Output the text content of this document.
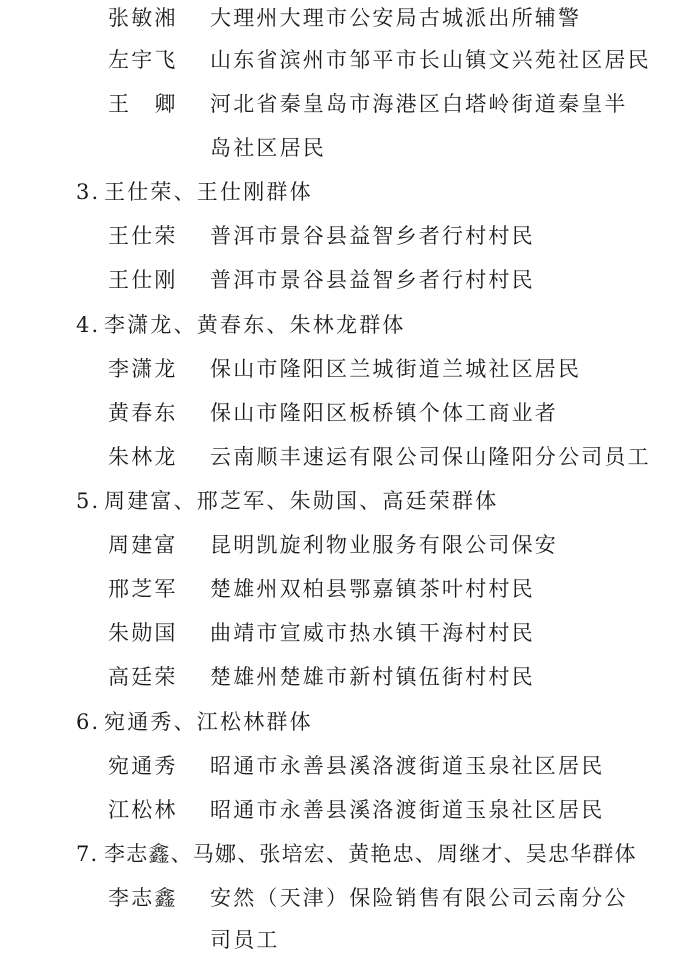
张敏湘 大理州大理市公安局古城派出所辅警
左宇飞 山东省滨州市邹平市长山镇文兴苑社区居民
王　卿 河北省秦皇岛市海港区白塔岭街道秦皇半
岛社区居民
3. 王仕荣、王仕刚群体
王仕荣 普洱市景谷县益智乡者行村村民
王仕刚 普洱市景谷县益智乡者行村村民
4. 李潇龙、黄春东、朱林龙群体
李潇龙 保山市隆阳区兰城街道兰城社区居民
黄春东 保山市隆阳区板桥镇个体工商业者
朱林龙 云南顺丰速运有限公司保山隆阳分公司员工
5. 周建富、邢芝军、朱勋国、高廷荣群体
周建富 昆明凯旋利物业服务有限公司保安
邢芝军 楚雄州双柏县鄂嘉镇茶叶村村民
朱勋国 曲靖市宣威市热水镇干海村村民
高廷荣 楚雄州楚雄市新村镇伍街村村民
6. 宛通秀、江松林群体
宛通秀 昭通市永善县溪洛渡街道玉泉社区居民
江松林 昭通市永善县溪洛渡街道玉泉社区居民
7. 李志鑫、马娜、张培宏、黄艳忠、周继才、吴忠华群体
李志鑫 安然（天津）保险销售有限公司云南分公
司员工
